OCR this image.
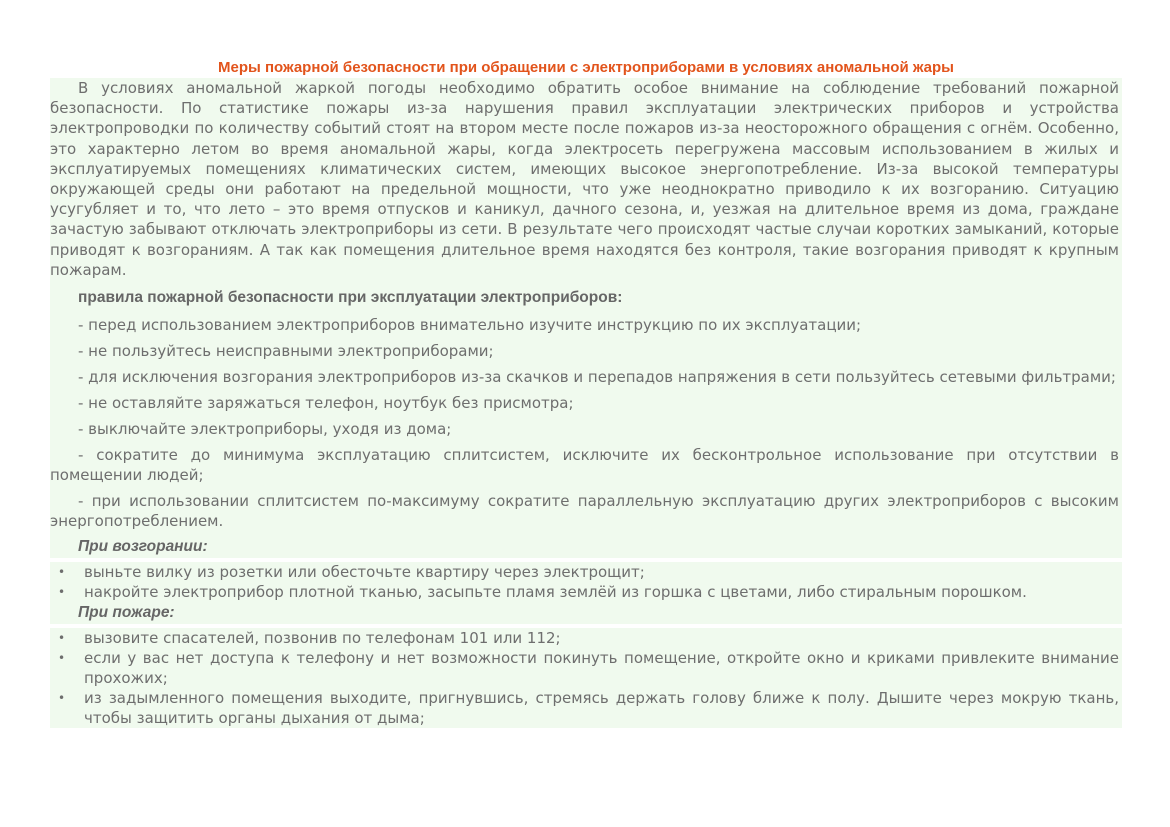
Меры пожарной безопасности при обращении с электроприборами в условиях аномальной жары

В условиях аномальной жаркой погоды необходимо обратить особое внимание на соблюдение требований пожарной безопасности. По статистике пожары из-за нарушения правил эксплуатации электрических приборов и устройства электропроводки по количеству событий стоят на втором месте после пожаров из-за неосторожного обращения с огнём. Особенно, это характерно летом во время аномальной жары, когда электросеть перегружена массовым использованием в жилых и эксплуатируемых помещениях климатических систем, имеющих высокое энергопотребление. Из-за высокой температуры окружающей среды они работают на предельной мощности, что уже неоднократно приводило к их возгоранию. Ситуацию усугубляет и то, что лето – это время отпусков и каникул, дачного сезона, и, уезжая на длительное время из дома, граждане зачастую забывают отключать электроприборы из сети. В результате чего происходят частые случаи коротких замыканий, которые приводят к возгораниям. А так как помещения длительное время находятся без контроля, такие возгорания приводят к крупным пожарам.

правила пожарной безопасности при эксплуатации электроприборов:
- перед использованием электроприборов внимательно изучите инструкцию по их эксплуатации;
- не пользуйтесь неисправными электроприборами;
- для исключения возгорания электроприборов из-за скачков и перепадов напряжения в сети пользуйтесь сетевыми фильтрами;
- не оставляйте заряжаться телефон, ноутбук без присмотра;
- выключайте электроприборы, уходя из дома;
- сократите до минимума эксплуатацию сплитсистем, исключите их бесконтрольное использование при отсутствии в помещении людей;
- при использовании сплитсистем по-максимуму сократите параллельную эксплуатацию других электроприборов с высоким энергопотреблением.
При возгорании:
• выньте вилку из розетки или обесточьте квартиру через электрощит;
• накройте электроприбор плотной тканью, засыпьте пламя землёй из горшка с цветами, либо стиральным порошком.
При пожаре:
• вызовите спасателей, позвонив по телефонам 101 или 112;
• если у вас нет доступа к телефону и нет возможности покинуть помещение, откройте окно и криками привлеките внимание прохожих;
• из задымленного помещения выходите, пригнувшись, стремясь держать голову ближе к полу. Дышите через мокрую ткань, чтобы защитить органы дыхания от дыма;
